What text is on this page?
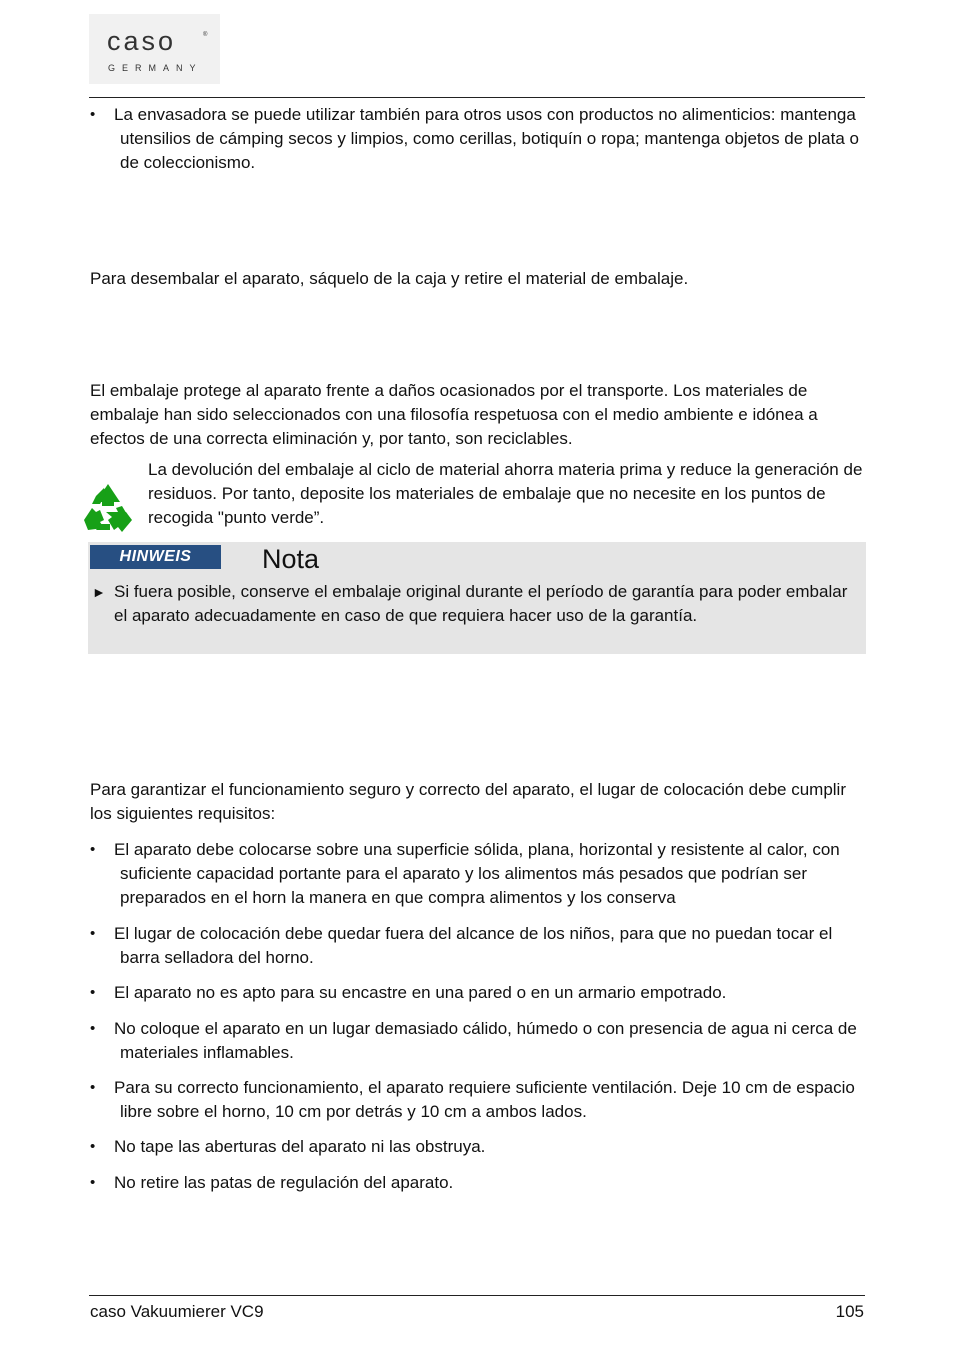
caso	®
GERMANY
• La envasadora se puede utilizar también para otros usos con productos no alimenticios: mantenga utensilios de cámping secos y limpios, como cerillas, botiquín o ropa; mantenga objetos de plata o de coleccionismo.

Para desembalar el aparato, sáquelo de la caja y retire el material de embalaje.

El embalaje protege al aparato frente a daños ocasionados por el transporte. Los materiales de embalaje han sido seleccionados con una filosofía respetuosa con el medio ambiente e idónea a efectos de una correcta eliminación y, por tanto, son reciclables.

La devolución del embalaje al ciclo de material ahorra materia prima y reduce la generación de residuos. Por tanto, deposite los materiales de embalaje que no necesite en los puntos de recogida "punto verde”.

HINWEIS	Nota
► Si fuera posible, conserve el embalaje original durante el período de garantía para poder embalar el aparato adecuadamente en caso de que requiera hacer uso de la garantía.

Para garantizar el funcionamiento seguro y correcto del aparato, el lugar de colocación debe cumplir los siguientes requisitos:

• El aparato debe colocarse sobre una superficie sólida, plana, horizontal y resistente al calor, con suficiente capacidad portante para el aparato y los alimentos más pesados que podrían ser preparados en el horn la manera en que compra alimentos y los conserva
• El lugar de colocación debe quedar fuera del alcance de los niños, para que no puedan tocar el barra selladora del horno.
• El aparato no es apto para su encastre en una pared o en un armario empotrado.
• No coloque el aparato en un lugar demasiado cálido, húmedo o con presencia de agua ni cerca de materiales inflamables.
• Para su correcto funcionamiento, el aparato requiere suficiente ventilación. Deje 10 cm de espacio libre sobre el horno, 10 cm por detrás y 10 cm a ambos lados.
• No tape las aberturas del aparato ni las obstruya.
• No retire las patas de regulación del aparato.
caso Vakuumierer VC9	105
